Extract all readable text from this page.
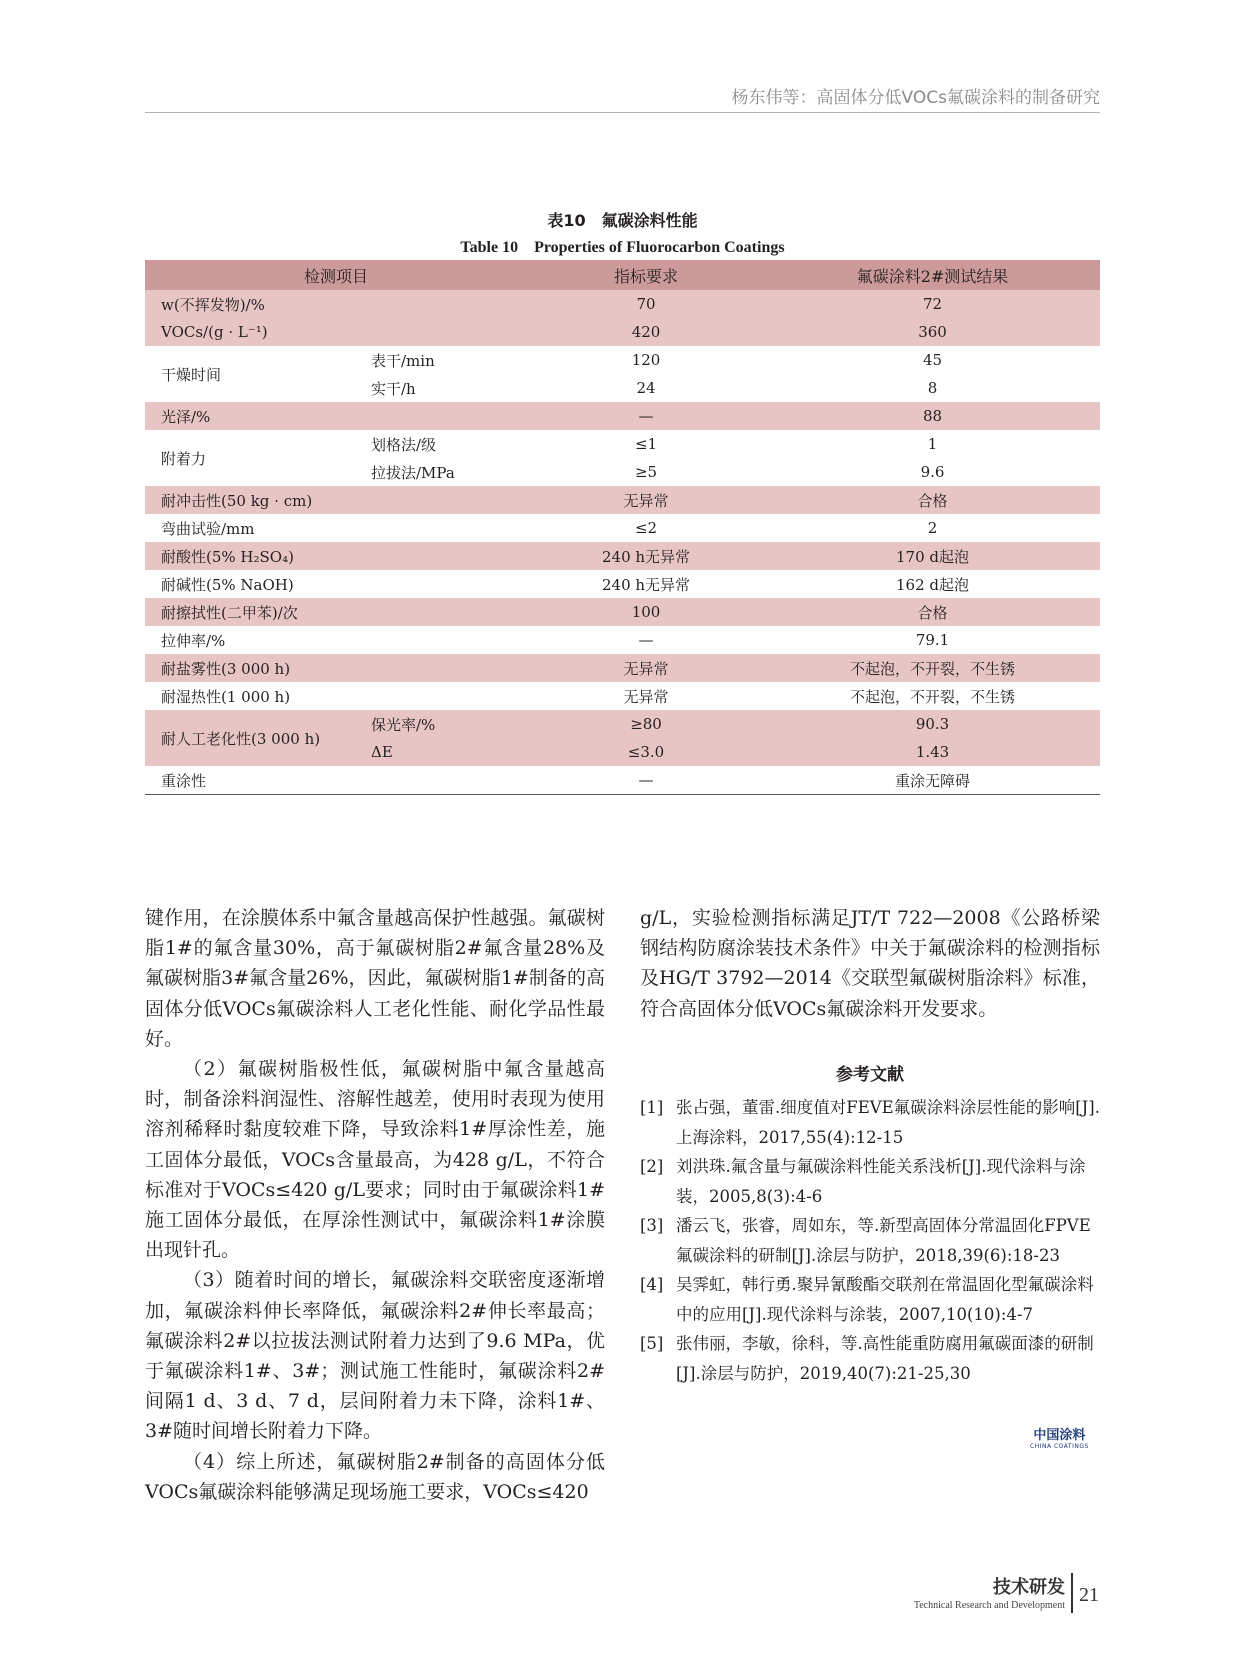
杨东伟等：高固体分低VOCs氟碳涂料的制备研究
表10　氟碳涂料性能
Table 10　Properties of Fluorocarbon Coatings
检测项目		指标要求	氟碳涂料2#测试结果
w(不挥发物)/%		70	72
VOCs/(g · L⁻¹)		420	360
干燥时间	表干/min	120	45
	实干/h	24	8
光泽/%		—	88
附着力	划格法/级	≤1	1
	拉拔法/MPa	≥5	9.6
耐冲击性(50 kg · cm)		无异常	合格
弯曲试验/mm		≤2	2
耐酸性(5% H₂SO₄)		240 h无异常	170 d起泡
耐碱性(5% NaOH)		240 h无异常	162 d起泡
耐擦拭性(二甲苯)/次		100	合格
拉伸率/%		—	79.1
耐盐雾性(3 000 h)		无异常	不起泡，不开裂，不生锈
耐湿热性(1 000 h)		无异常	不起泡，不开裂，不生锈
耐人工老化性(3 000 h)	保光率/%	≥80	90.3
	ΔE	≤3.0	1.43
重涂性		—	重涂无障碍

键作用，在涂膜体系中氟含量越高保护性越强。氟碳树脂1#的氟含量30%，高于氟碳树脂2#氟含量28%及氟碳树脂3#氟含量26%，因此，氟碳树脂1#制备的高固体分低VOCs氟碳涂料人工老化性能、耐化学品性最好。

（2）氟碳树脂极性低，氟碳树脂中氟含量越高时，制备涂料润湿性、溶解性越差，使用时表现为使用溶剂稀释时黏度较难下降，导致涂料1#厚涂性差，施工固体分最低，VOCs含量最高，为428 g/L，不符合标准对于VOCs≤420 g/L要求；同时由于氟碳涂料1#施工固体分最低，在厚涂性测试中，氟碳涂料1#涂膜出现针孔。

（3）随着时间的增长，氟碳涂料交联密度逐渐增加，氟碳涂料伸长率降低，氟碳涂料2#伸长率最高；氟碳涂料2#以拉拔法测试附着力达到了9.6 MPa，优于氟碳涂料1#、3#；测试施工性能时，氟碳涂料2#间隔1 d、3 d、7 d，层间附着力未下降，涂料1#、3#随时间增长附着力下降。

（4）综上所述，氟碳树脂2#制备的高固体分低VOCs氟碳涂料能够满足现场施工要求，VOCs≤420

g/L，实验检测指标满足JT/T 722—2008《公路桥梁钢结构防腐涂装技术条件》中关于氟碳涂料的检测指标及HG/T 3792—2014《交联型氟碳树脂涂料》标准，符合高固体分低VOCs氟碳涂料开发要求。

参考文献
[1] 张占强，董雷.细度值对FEVE氟碳涂料涂层性能的影响[J].上海涂料，2017,55(4):12-15
[2] 刘洪珠.氟含量与氟碳涂料性能关系浅析[J].现代涂料与涂装，2005,8(3):4-6
[3] 潘云飞，张睿，周如东，等.新型高固体分常温固化FPVE氟碳涂料的研制[J].涂层与防护，2018,39(6):18-23
[4] 吴霁虹，韩行勇.聚异氰酸酯交联剂在常温固化型氟碳涂料中的应用[J].现代涂料与涂装，2007,10(10):4-7
[5] 张伟丽，李敏，徐科，等.高性能重防腐用氟碳面漆的研制[J].涂层与防护，2019,40(7):21-25,30
中国涂料
CHINA COATINGS
技术研发
Technical Research and Development 21
